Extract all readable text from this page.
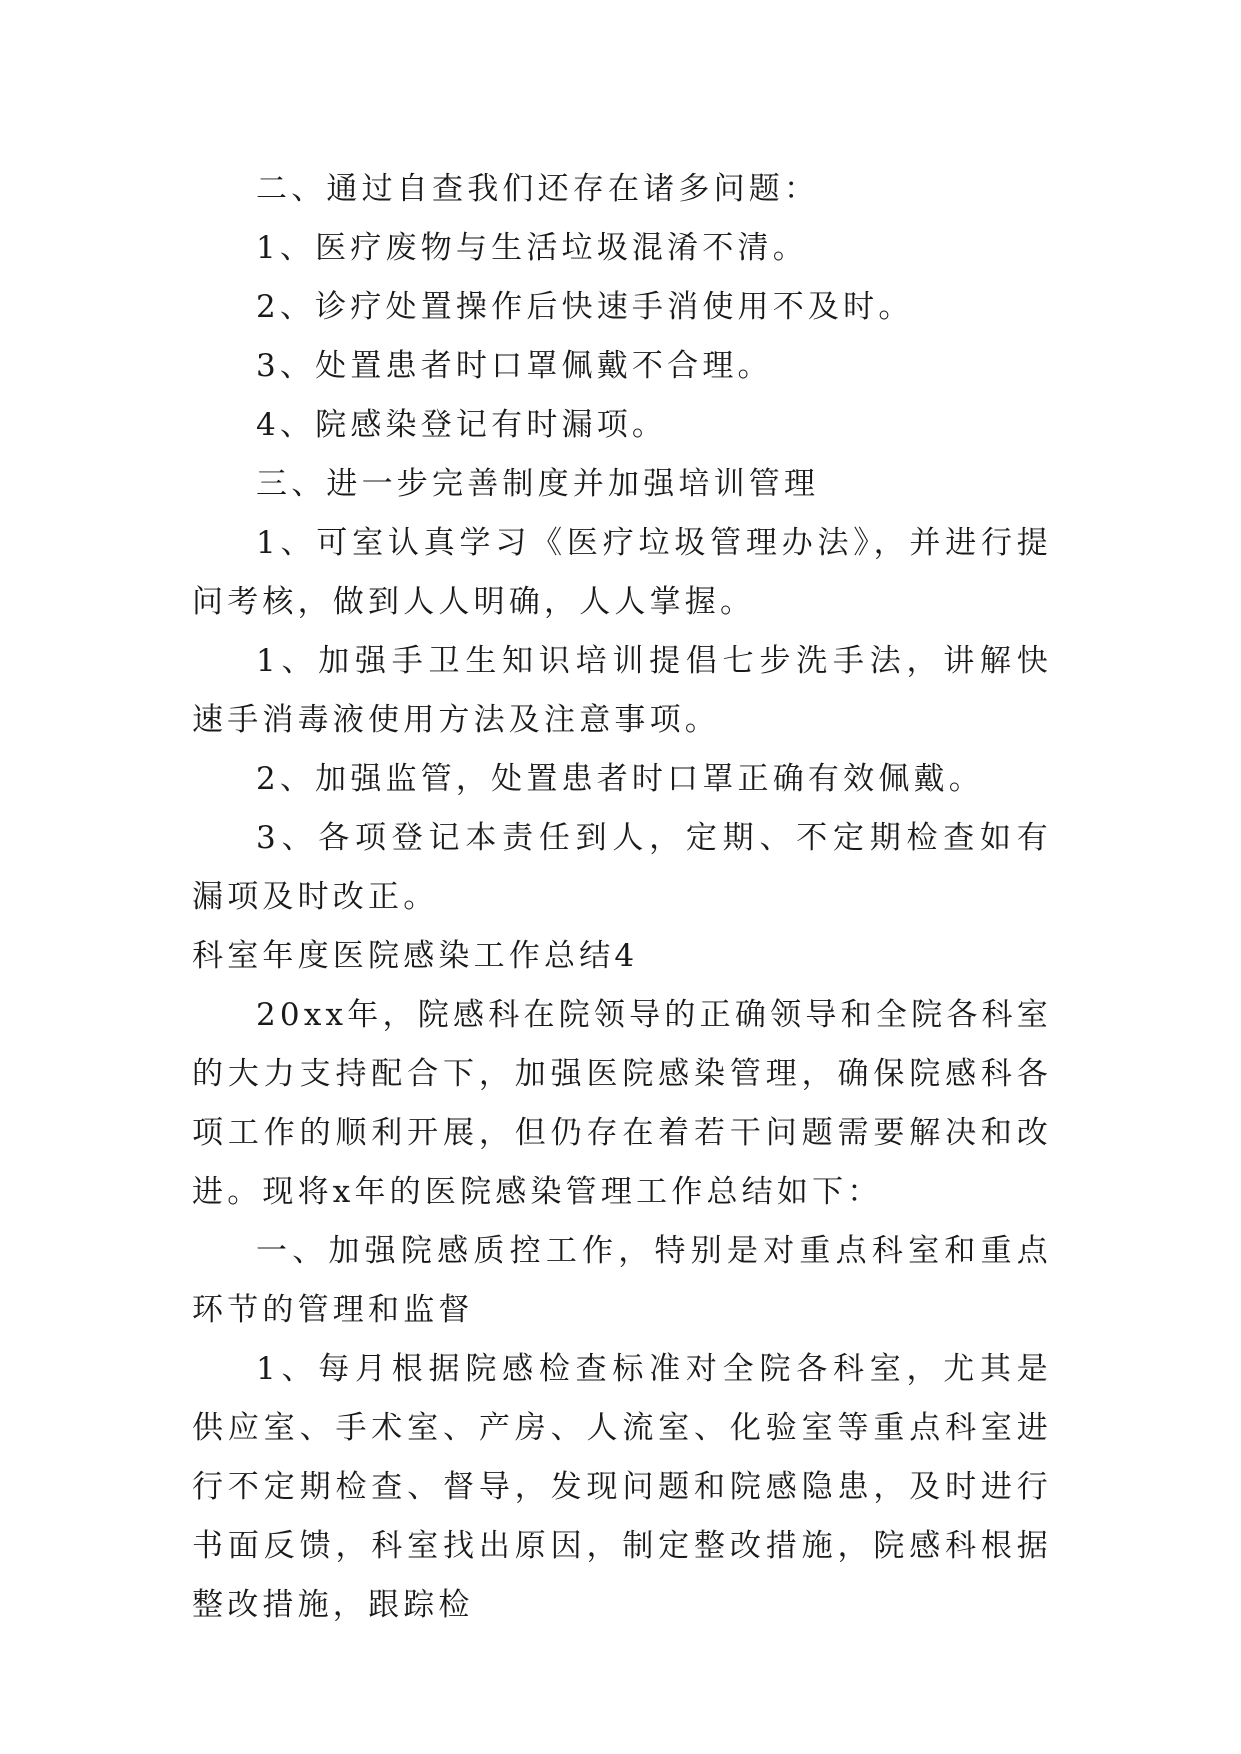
二、通过自查我们还存在诸多问题：

1、医疗废物与生活垃圾混淆不清。

2、诊疗处置操作后快速手消使用不及时。

3、处置患者时口罩佩戴不合理。

4、院感染登记有时漏项。

三、进一步完善制度并加强培训管理

1、可室认真学习《医疗垃圾管理办法》，并进行提问考核，做到人人明确，人人掌握。

1、加强手卫生知识培训提倡七步洗手法，讲解快速手消毒液使用方法及注意事项。

2、加强监管，处置患者时口罩正确有效佩戴。

3、各项登记本责任到人，定期、不定期检查如有漏项及时改正。

科室年度医院感染工作总结4

20xx年，院感科在院领导的正确领导和全院各科室的大力支持配合下，加强医院感染管理，确保院感科各项工作的顺利开展，但仍存在着若干问题需要解决和改进。现将x年的医院感染管理工作总结如下：

一、加强院感质控工作，特别是对重点科室和重点环节的管理和监督

1、每月根据院感检查标准对全院各科室，尤其是供应室、手术室、产房、人流室、化验室等重点科室进行不定期检查、督导，发现问题和院感隐患，及时进行书面反馈，科室找出原因，制定整改措施，院感科根据整改措施，跟踪检
